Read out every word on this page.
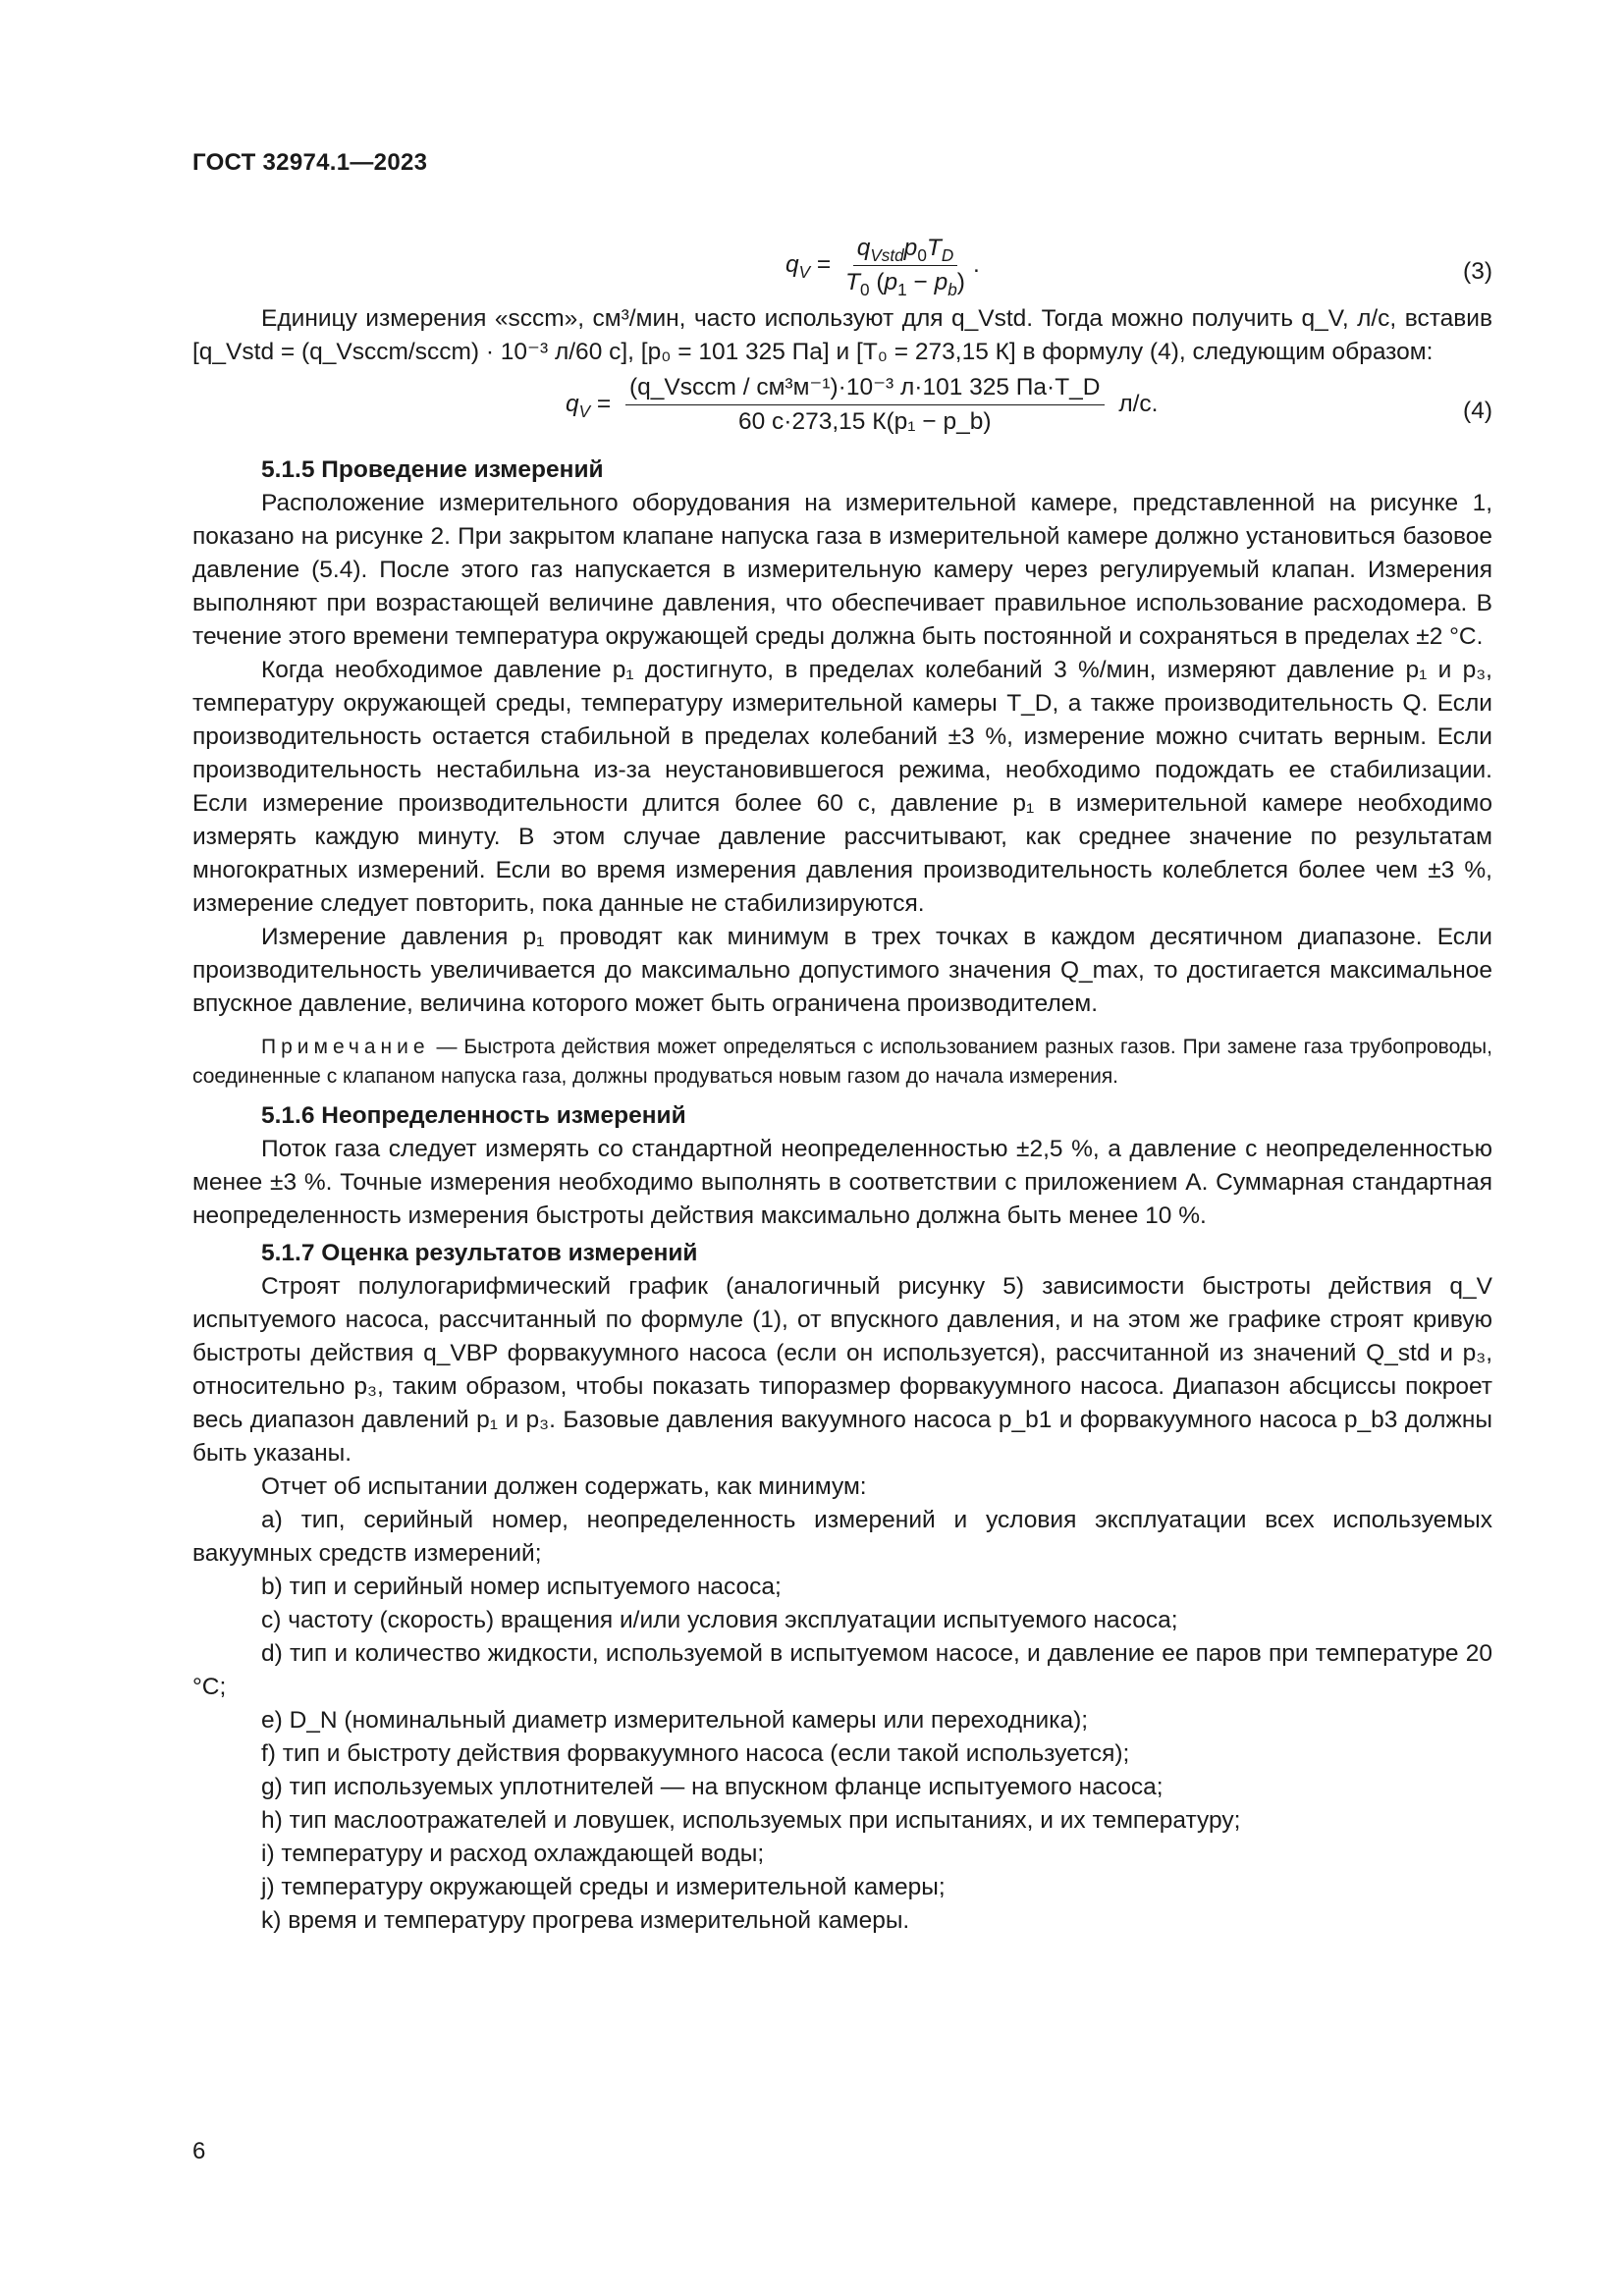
ГОСТ 32974.1—2023
$q_V = \frac{q_{Vstd}p_0T_D}{T_0 (p_1 - p_b)}$ .	(3)

Единицу измерения «sccm», см³/мин, часто используют для q_Vstd. Тогда можно получить q_V, л/с, вставив [q_Vstd = (q_Vsccm/sccm) · 10⁻³ л/60 с], [p₀ = 101 325 Па] и [T₀ = 273,15 К] в формулу (4), следующим образом:

$q_V = \frac{\text{(q\_Vsccm / см³м⁻¹)·10⁻³ л·101 325 Па·T\_D}}{\text{60 с·273,15 К(p₁ − p\_b)}} л/с$.	(4)
5.1.5 Проведение измерений

Расположение измерительного оборудования на измерительной камере, представленной на рисунке 1, показано на рисунке 2. При закрытом клапане напуска газа в измерительной камере должно установиться базовое давление (5.4). После этого газ напускается в измерительную камеру через регулируемый клапан. Измерения выполняют при возрастающей величине давления, что обеспечивает правильное использование расходомера. В течение этого времени температура окружающей среды должна быть постоянной и сохраняться в пределах ±2 °С.

Когда необходимое давление p₁ достигнуто, в пределах колебаний 3 %/мин, измеряют давление p₁ и p₃, температуру окружающей среды, температуру измерительной камеры T_D, а также производительность Q. Если производительность остается стабильной в пределах колебаний ±3 %, измерение можно считать верным. Если производительность нестабильна из-за неустановившегося режима, необходимо подождать ее стабилизации. Если измерение производительности длится более 60 с, давление p₁ в измерительной камере необходимо измерять каждую минуту. В этом случае давление рассчитывают, как среднее значение по результатам многократных измерений. Если во время измерения давления производительность колеблется более чем ±3 %, измерение следует повторить, пока данные не стабилизируются.

Измерение давления p₁ проводят как минимум в трех точках в каждом десятичном диапазоне. Если производительность увеличивается до максимально допустимого значения Q_max, то достигается максимальное впускное давление, величина которого может быть ограничена производителем.

Примечание — Быстрота действия может определяться с использованием разных газов. При замене газа трубопроводы, соединенные с клапаном напуска газа, должны продуваться новым газом до начала измерения.

5.1.6 Неопределенность измерений

Поток газа следует измерять со стандартной неопределенностью ±2,5 %, а давление с неопределенностью менее ±3 %. Точные измерения необходимо выполнять в соответствии с приложением А. Суммарная стандартная неопределенность измерения быстроты действия максимально должна быть менее 10 %.

5.1.7 Оценка результатов измерений

Строят полулогарифмический график (аналогичный рисунку 5) зависимости быстроты действия q_V испытуемого насоса, рассчитанный по формуле (1), от впускного давления, и на этом же графике строят кривую быстроты действия q_VBP форвакуумного насоса (если он используется), рассчитанной из значений Q_std и p₃, относительно p₃, таким образом, чтобы показать типоразмер форвакуумного насоса. Диапазон абсциссы покроет весь диапазон давлений p₁ и p₃. Базовые давления вакуумного насоса p_b1 и форвакуумного насоса p_b3 должны быть указаны.

Отчет об испытании должен содержать, как минимум:

а) тип, серийный номер, неопределенность измерений и условия эксплуатации всех используемых вакуумных средств измерений;

b) тип и серийный номер испытуемого насоса;

c) частоту (скорость) вращения и/или условия эксплуатации испытуемого насоса;

d) тип и количество жидкости, используемой в испытуемом насосе, и давление ее паров при температуре 20 °С;

e) D_N (номинальный диаметр измерительной камеры или переходника);

f) тип и быстроту действия форвакуумного насоса (если такой используется);

g) тип используемых уплотнителей — на впускном фланце испытуемого насоса;

h) тип маслоотражателей и ловушек, используемых при испытаниях, и их температуру;

i) температуру и расход охлаждающей воды;

j) температуру окружающей среды и измерительной камеры;

k) время и температуру прогрева измерительной камеры.

6
